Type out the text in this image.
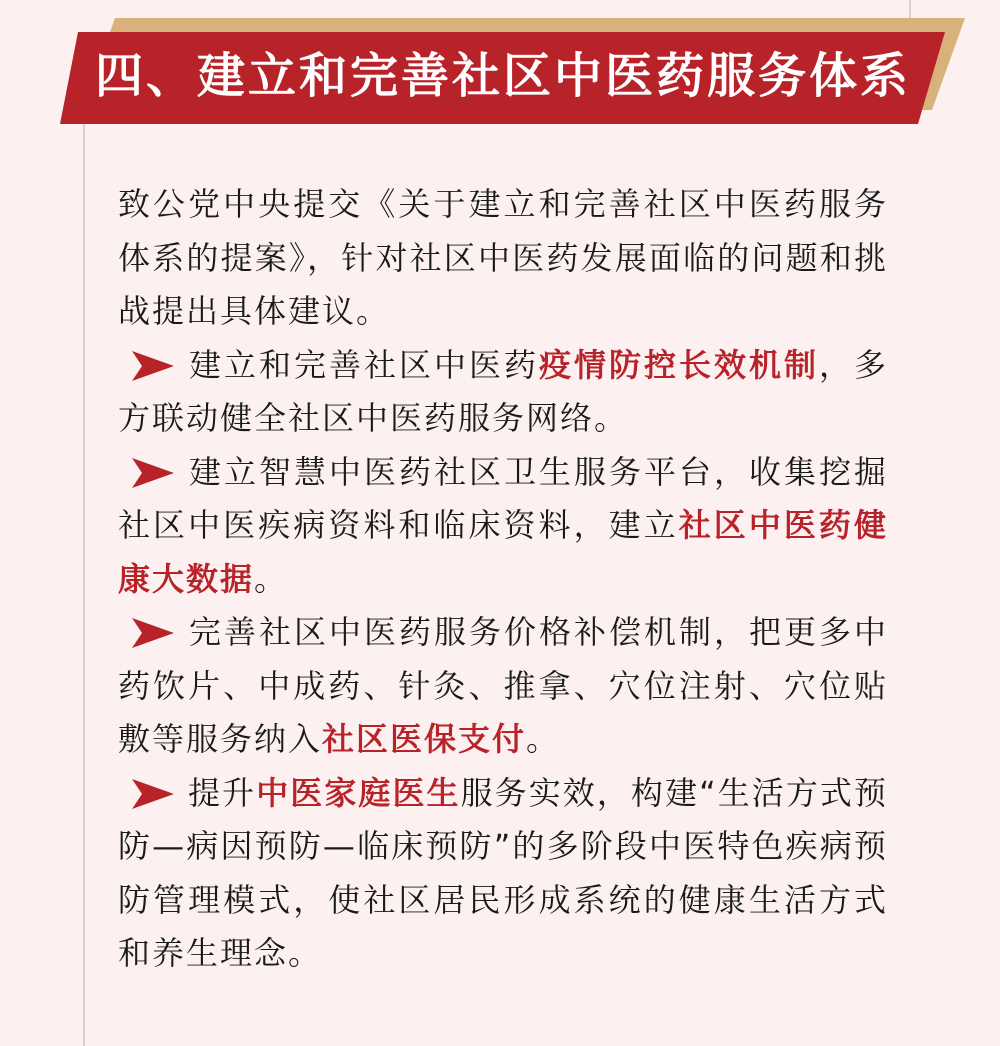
四、建立和完善社区中医药服务体系

致公党中央提交《关于建立和完善社区中医药服务体系的提案》，针对社区中医药发展面临的问题和挑战提出具体建议。

建立和完善社区中医药疫情防控长效机制，多方联动健全社区中医药服务网络。

建立智慧中医药社区卫生服务平台，收集挖掘社区中医疾病资料和临床资料，建立社区中医药健康大数据。

完善社区中医药服务价格补偿机制，把更多中药饮片、中成药、针灸、推拿、穴位注射、穴位贴敷等服务纳入社区医保支付。

提升中医家庭医生服务实效，构建“生活方式预防—病因预防—临床预防”的多阶段中医特色疾病预防管理模式，使社区居民形成系统的健康生活方式和养生理念。
